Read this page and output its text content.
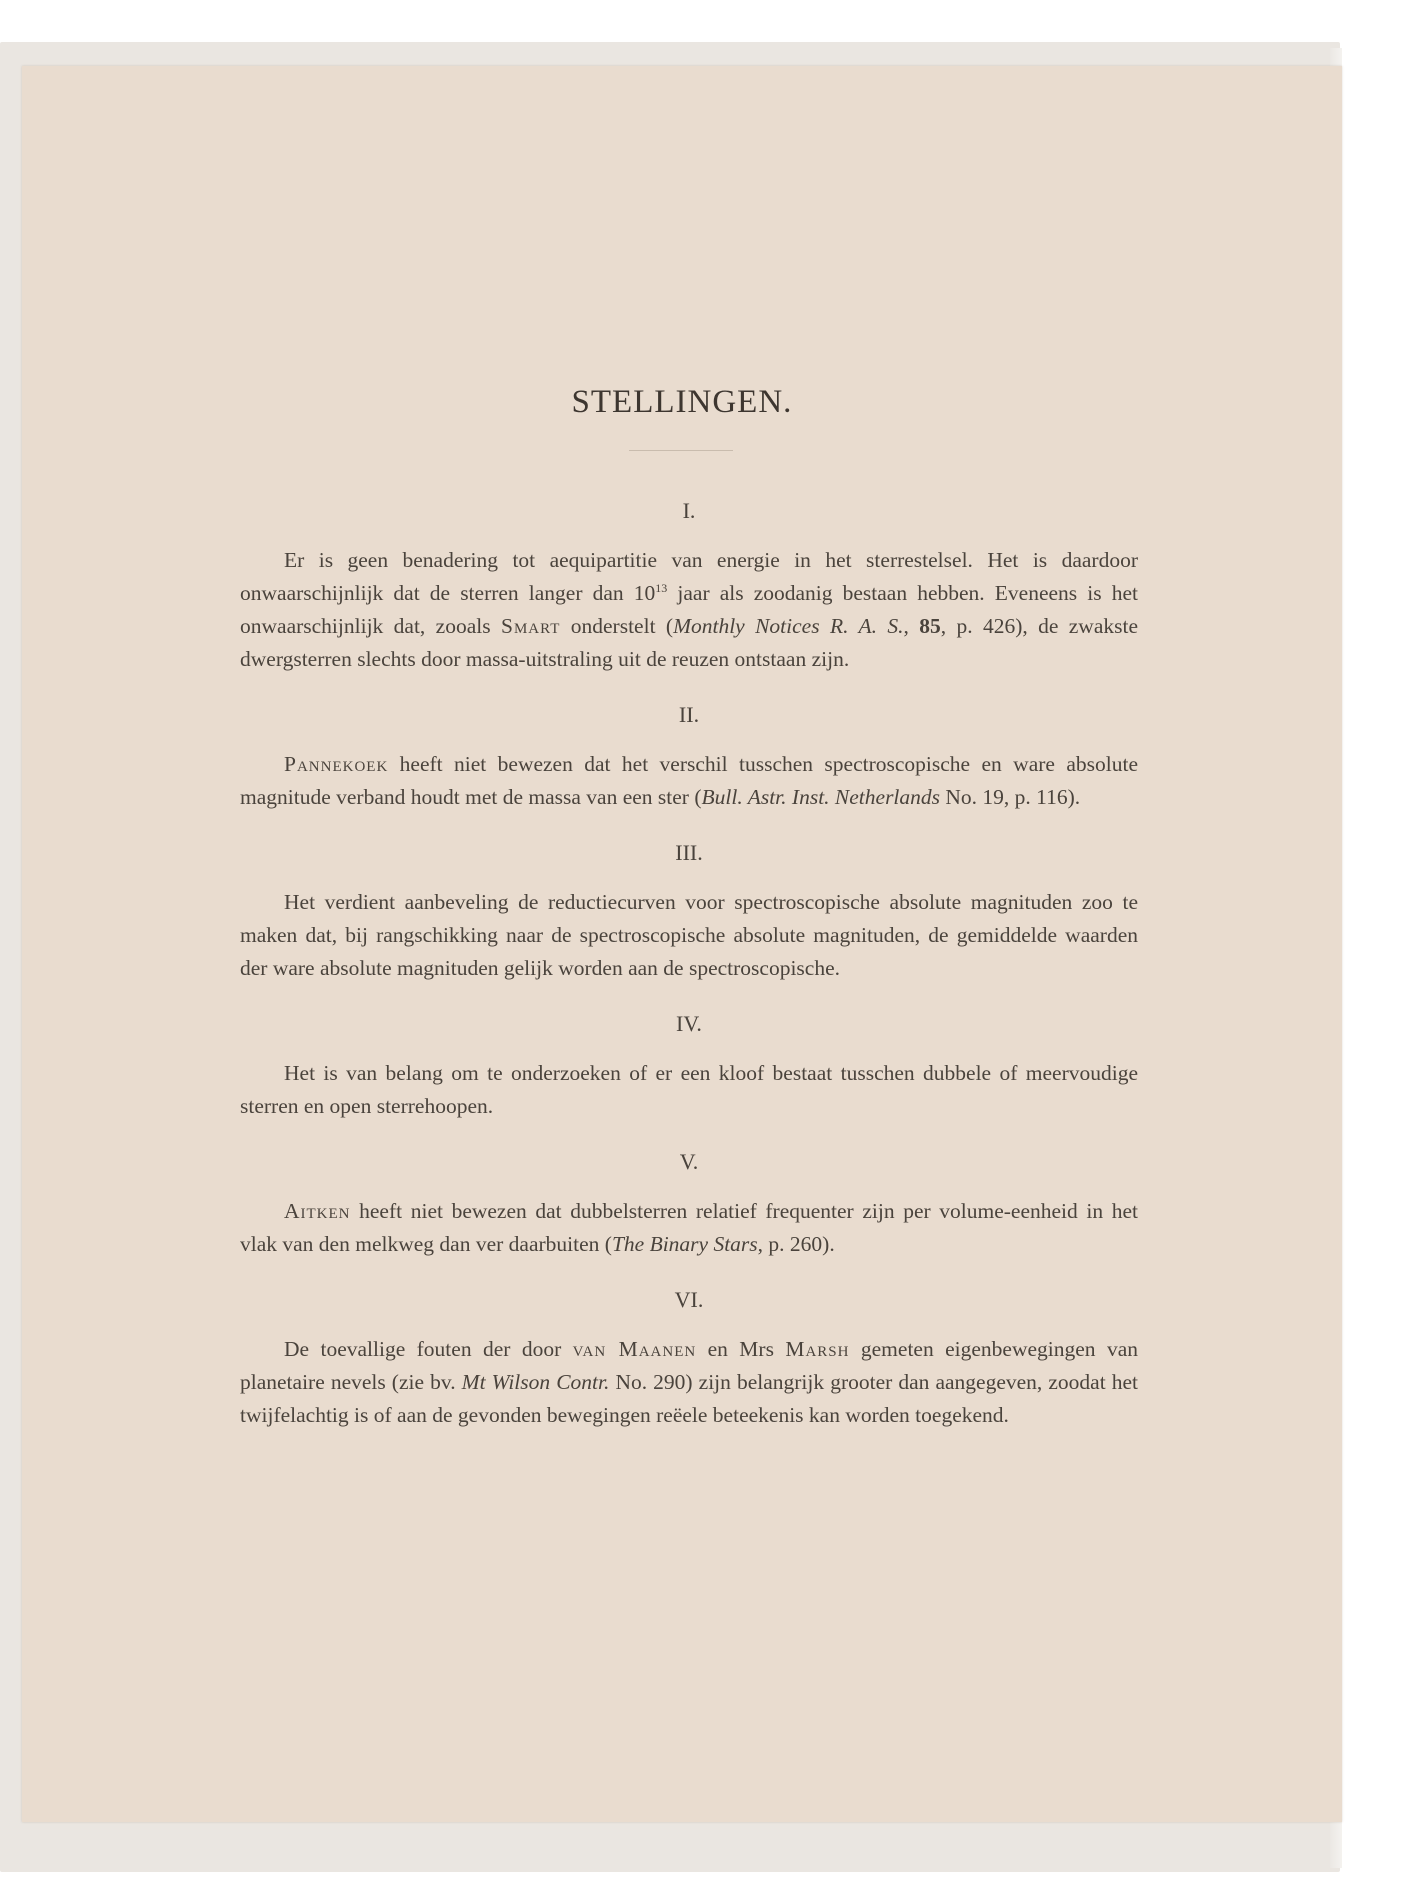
STELLINGEN.
I.

Er is geen benadering tot aequipartitie van energie in het sterrestelsel. Het is daardoor onwaarschijnlijk dat de sterren langer dan $10^{13}$ jaar als zoodanig bestaan hebben. Eveneens is het onwaarschijnlijk dat, zooals Smart onderstelt (Monthly Notices R. A. S., 85, p. 426), de zwakste dwergsterren slechts door massa-uitstraling uit de reuzen ontstaan zijn.

II.

Pannekoek heeft niet bewezen dat het verschil tusschen spectroscopische en ware absolute magnitude verband houdt met de massa van een ster (Bull. Astr. Inst. Netherlands No. 19, p. 116).

III.

Het verdient aanbeveling de reductiecurven voor spectroscopische absolute magnituden zoo te maken dat, bij rangschikking naar de spectroscopische absolute magnituden, de gemiddelde waarden der ware absolute magnituden gelijk worden aan de spectroscopische.

IV.

Het is van belang om te onderzoeken of er een kloof bestaat tusschen dubbele of meervoudige sterren en open sterrehoopen.

V.

Aitken heeft niet bewezen dat dubbelsterren relatief frequenter zijn per volume-eenheid in het vlak van den melkweg dan ver daarbuiten (The Binary Stars, p. 260).

VI.

De toevallige fouten der door van Maanen en Mrs Marsh gemeten eigenbewegingen van planetaire nevels (zie bv. Mt Wilson Contr. No. 290) zijn belangrijk grooter dan aangegeven, zoodat het twijfelachtig is of aan de gevonden bewegingen reëele beteekenis kan worden toegekend.
